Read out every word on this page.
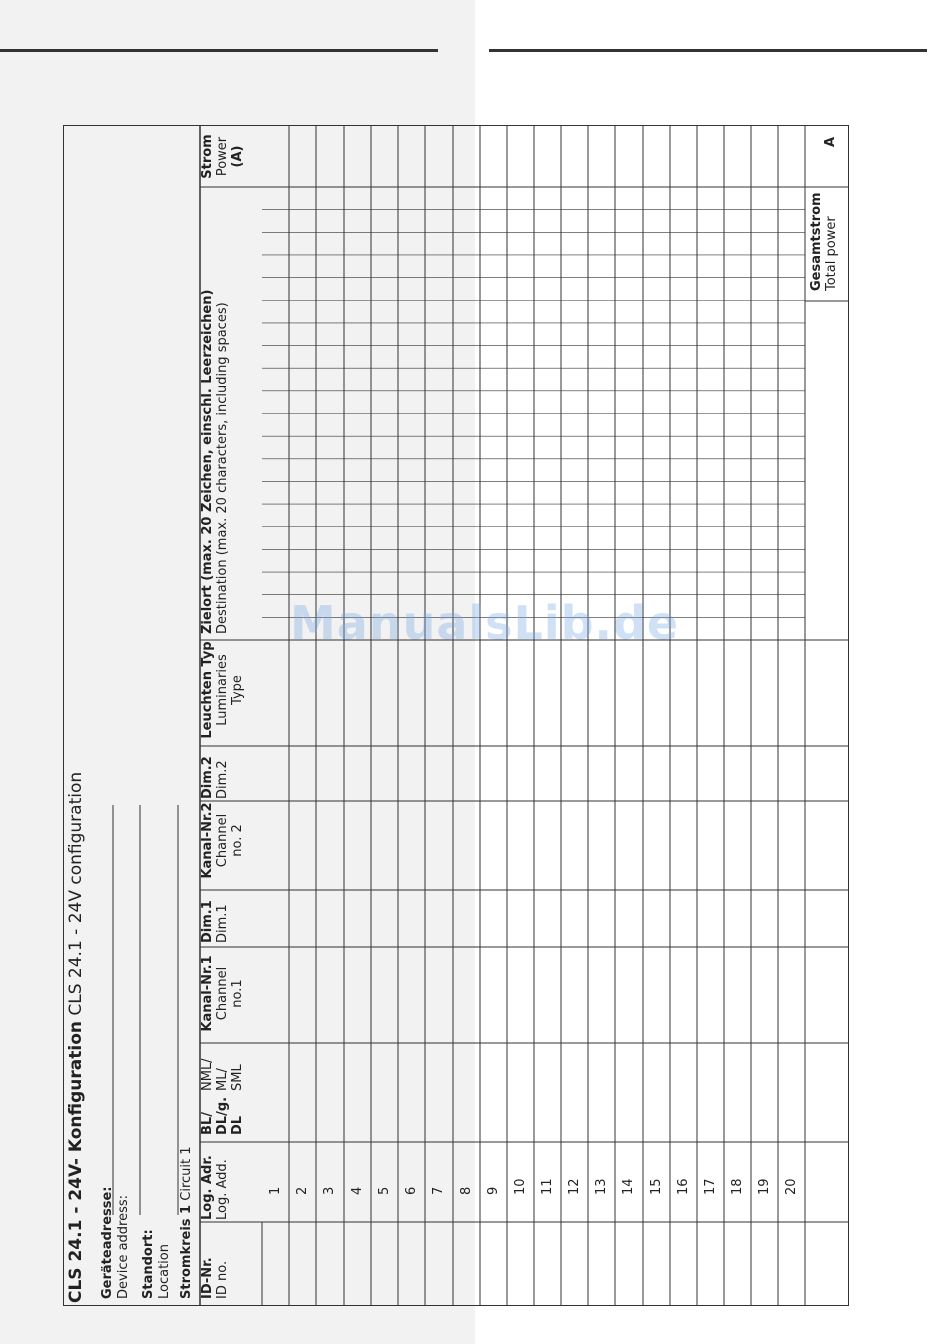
CLS 24.1 - 24V- Konfiguration CLS 24.1 - 24V configuration
Geräteadresse: Device address: Standort: Location Stromkreis 1 Circuit 1
ID-Nr. ID no.
Log. Adr. Log. Add.
BL/NML/
DL/g.ML/
DLSML
Kanal-Nr.1 Channel no.1
Dim.1 Dim.1
Kanal-Nr.2 Channel no. 2
Dim.2 Dim.2
Leuchten Typ Luminaries Type
Zielort (max. 20 Zeichen, einschl. Leerzeichen) Destination (max. 20 characters, including spaces)
Strom Power (A)
Gesamtstrom Total power
A
1 2 3 4 5 6 7 8 9 10 11 12 13 14 15 16 17 18 19 20
ManualsLib.de
